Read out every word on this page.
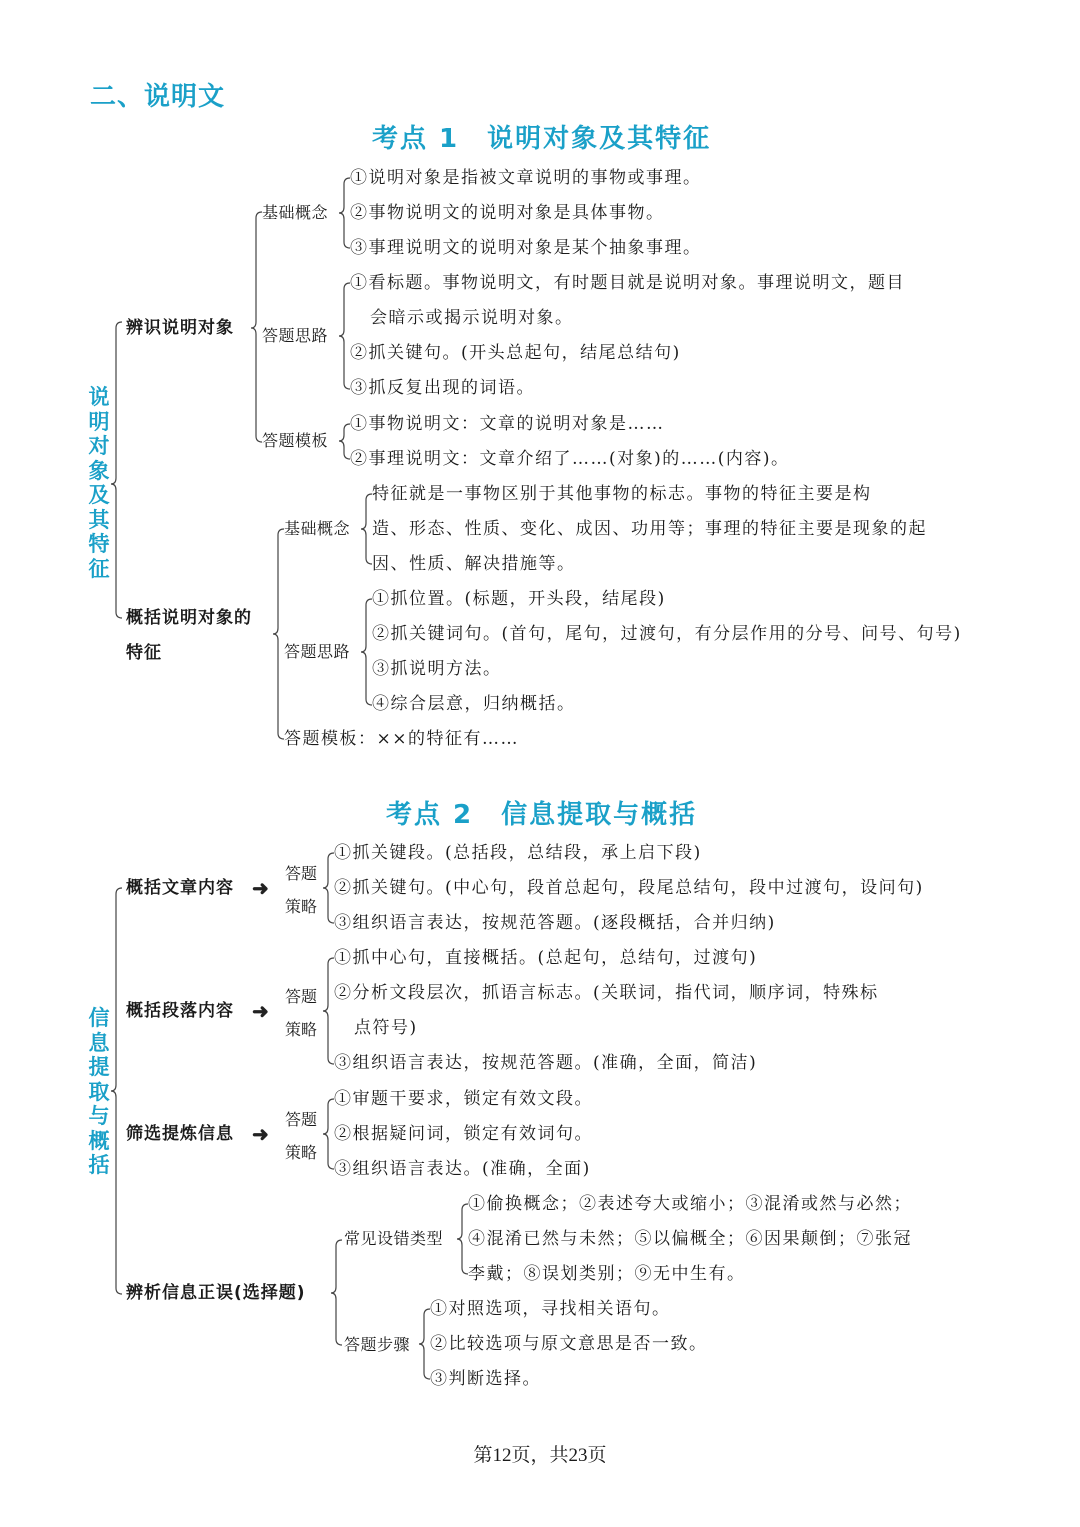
二、说明文
考点 1　说明对象及其特征
说明对象及其特征
辨识说明对象
基础概念
①说明对象是指被文章说明的事物或事理。
②事物说明文的说明对象是具体事物。
③事理说明文的说明对象是某个抽象事理。
答题思路
①看标题。事物说明文，有时题目就是说明对象。事理说明文，题目
会暗示或揭示说明对象。
②抓关键句。(开头总起句，结尾总结句)
③抓反复出现的词语。
答题模板
①事物说明文：文章的说明对象是……
②事理说明文：文章介绍了……(对象)的……(内容)。
概括说明对象的
特征
基础概念
特征就是一事物区别于其他事物的标志。事物的特征主要是构
造、形态、性质、变化、成因、功用等；事理的特征主要是现象的起
因、性质、解决措施等。
答题思路
①抓位置。(标题，开头段，结尾段)
②抓关键词句。(首句，尾句，过渡句，有分层作用的分号、问号、句号)
③抓说明方法。
④综合层意，归纳概括。
答题模板：××的特征有……
考点 2　信息提取与概括
信息提取与概括
概括文章内容 ➜
答题策略
①抓关键段。(总括段，总结段，承上启下段)
②抓关键句。(中心句，段首总起句，段尾总结句，段中过渡句，设问句)
③组织语言表达，按规范答题。(逐段概括，合并归纳)
概括段落内容 ➜
答题策略
①抓中心句，直接概括。(总起句，总结句，过渡句)
②分析文段层次，抓语言标志。(关联词，指代词，顺序词，特殊标
点符号)
③组织语言表达，按规范答题。(准确，全面，简洁)
筛选提炼信息 ➜
答题策略
①审题干要求，锁定有效文段。
②根据疑问词，锁定有效词句。
③组织语言表达。(准确，全面)
辨析信息正误(选择题)
常见设错类型
①偷换概念；②表述夸大或缩小；③混淆或然与必然；
④混淆已然与未然；⑤以偏概全；⑥因果颠倒；⑦张冠
李戴；⑧误划类别；⑨无中生有。
答题步骤
①对照选项，寻找相关语句。
②比较选项与原文意思是否一致。
③判断选择。
第12页，共23页
